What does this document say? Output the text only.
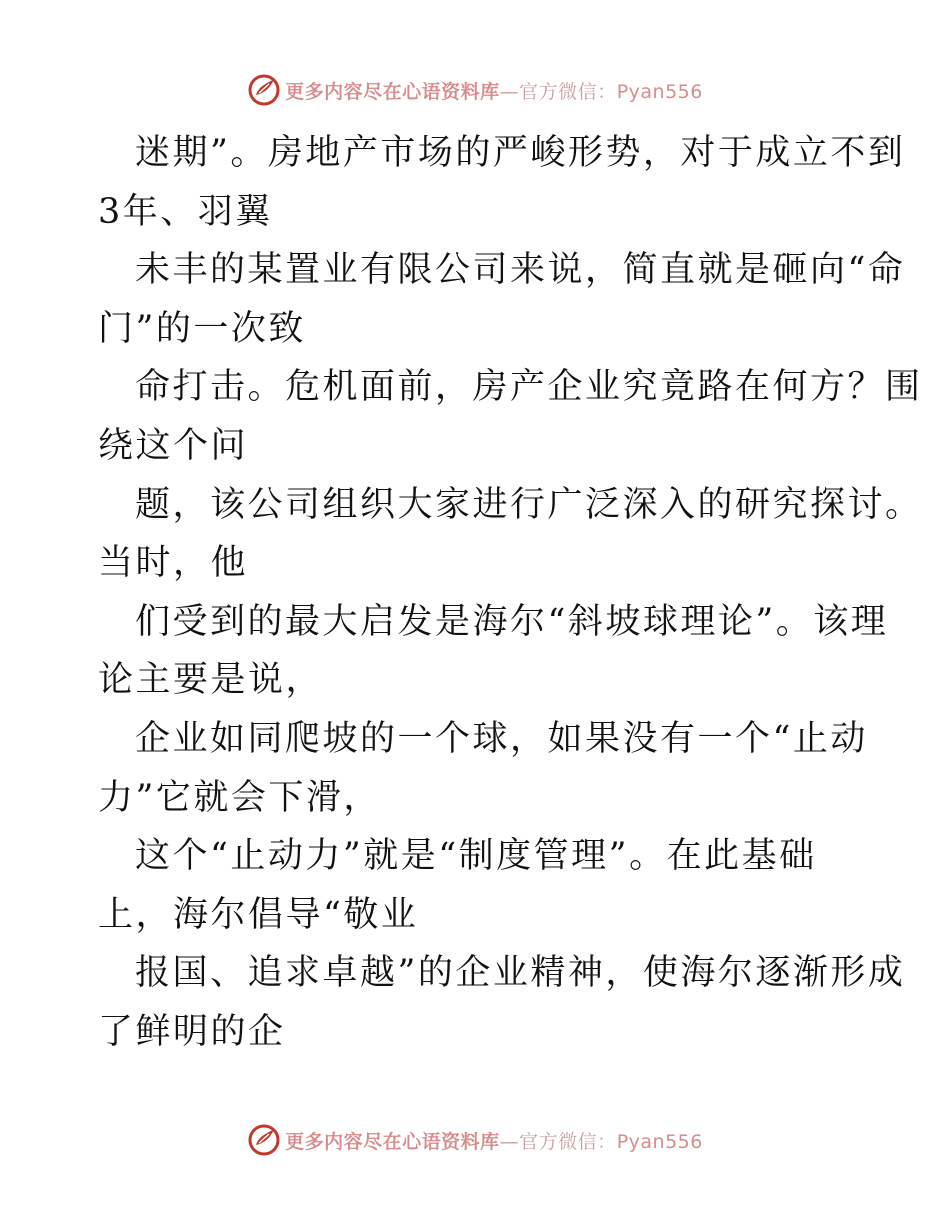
更多内容尽在心语资料库—官方微信：Pyan556
迷期”。房地产市场的严峻形势，对于成立不到
3年、羽翼
未丰的某置业有限公司来说，简直就是砸向“命
门”的一次致
命打击。危机面前，房产企业究竟路在何方？围
绕这个问
题，该公司组织大家进行广泛深入的研究探讨。
当时，他
们受到的最大启发是海尔“斜坡球理论”。该理
论主要是说，
企业如同爬坡的一个球，如果没有一个“止动
力”它就会下滑，
这个“止动力”就是“制度管理”。在此基础
上，海尔倡导“敬业
报国、追求卓越”的企业精神，使海尔逐渐形成
了鲜明的企
更多内容尽在心语资料库—官方微信：Pyan556
